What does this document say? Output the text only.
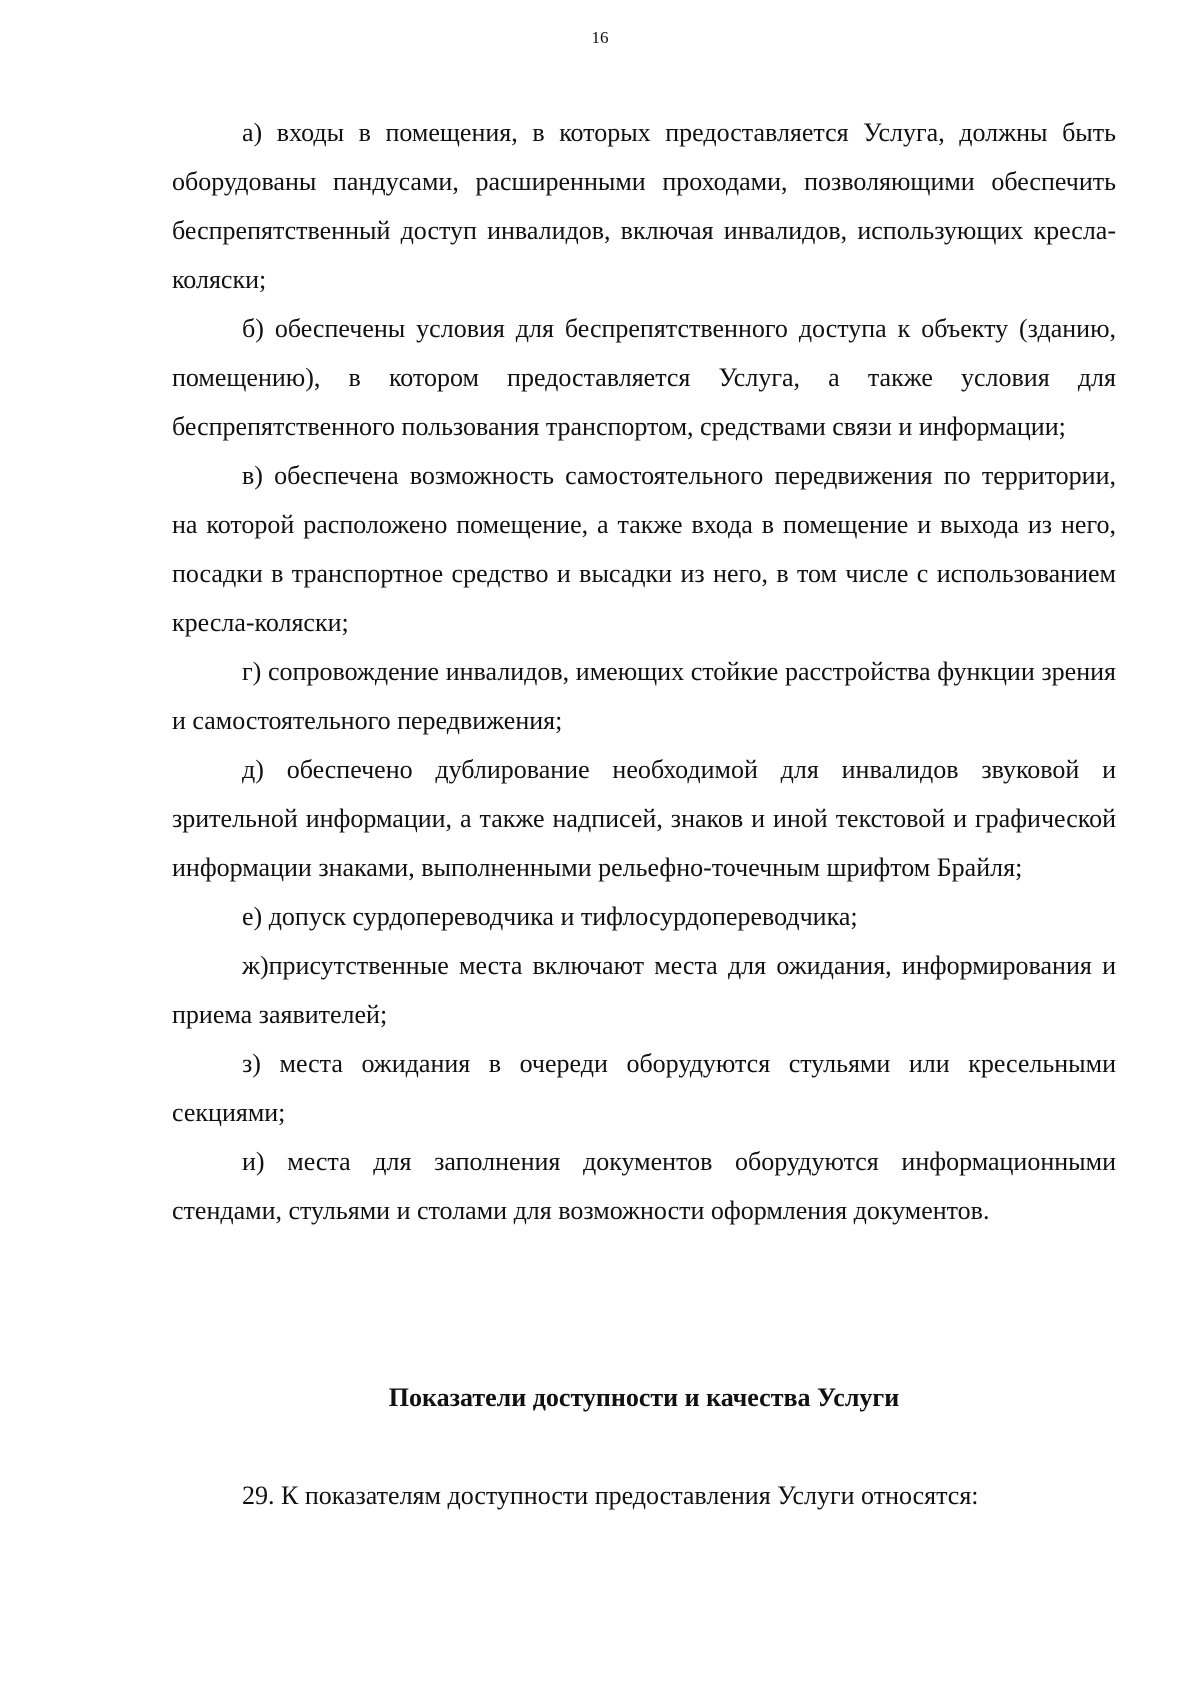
16

а) входы в помещения, в которых предоставляется Услуга, должны быть оборудованы пандусами, расширенными проходами, позволяющими обеспечить беспрепятственный доступ инвалидов, включая инвалидов, использующих кресла-коляски;

б) обеспечены условия для беспрепятственного доступа к объекту (зданию, помещению), в котором предоставляется Услуга, а также условия для беспрепятственного пользования транспортом, средствами связи и информации;

в) обеспечена возможность самостоятельного передвижения по территории, на которой расположено помещение, а также входа в помещение и выхода из него, посадки в транспортное средство и высадки из него, в том числе с использованием кресла-коляски;

г) сопровождение инвалидов, имеющих стойкие расстройства функции зрения и самостоятельного передвижения;

д) обеспечено дублирование необходимой для инвалидов звуковой и зрительной информации, а также надписей, знаков и иной текстовой и графической информации знаками, выполненными рельефно-точечным шрифтом Брайля;

е) допуск сурдопереводчика и тифлосурдопереводчика;

ж)присутственные места включают места для ожидания, информирования и приема заявителей;

з) места ожидания в очереди оборудуются стульями или кресельными секциями;

и) места для заполнения документов оборудуются информационными стендами, стульями и столами для возможности оформления документов.

Показатели доступности и качества Услуги

29. К показателям доступности предоставления Услуги относятся:
